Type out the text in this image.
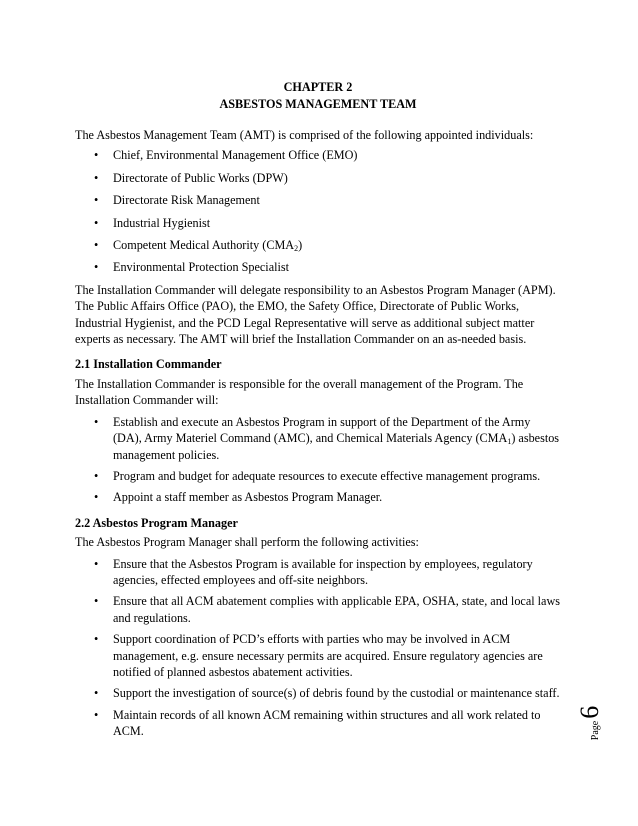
CHAPTER 2
ASBESTOS MANAGEMENT TEAM

The Asbestos Management Team (AMT) is comprised of the following appointed individuals:

• Chief, Environmental Management Office (EMO)
• Directorate of Public Works (DPW)
• Directorate Risk Management
• Industrial Hygienist
• Competent Medical Authority $(CMA_2)$
• Environmental Protection Specialist

The Installation Commander will delegate responsibility to an Asbestos Program Manager (APM). The Public Affairs Office (PAO), the EMO, the Safety Office, Directorate of Public Works, Industrial Hygienist, and the PCD Legal Representative will serve as additional subject matter experts as necessary. The AMT will brief the Installation Commander on an as-needed basis.

2.1 Installation Commander

The Installation Commander is responsible for the overall management of the Program. The Installation Commander will:

• Establish and execute an Asbestos Program in support of the Department of the Army (DA), Army Materiel Command (AMC), and Chemical Materials Agency $(CMA_1)$ asbestos management policies.
• Program and budget for adequate resources to execute effective management programs.
• Appoint a staff member as Asbestos Program Manager.
2.2 Asbestos Program Manager

The Asbestos Program Manager shall perform the following activities:

• Ensure that the Asbestos Program is available for inspection by employees, regulatory agencies, effected employees and off-site neighbors.
• Ensure that all ACM abatement complies with applicable EPA, OSHA, state, and local laws and regulations.
• Support coordination of PCD’s efforts with parties who may be involved in ACM management, e.g. ensure necessary permits are acquired. Ensure regulatory agencies are notified of planned asbestos abatement activities.
• Support the investigation of source(s) of debris found by the custodial or maintenance staff.
• Maintain records of all known ACM remaining within structures and all work related to ACM.	Page
6
